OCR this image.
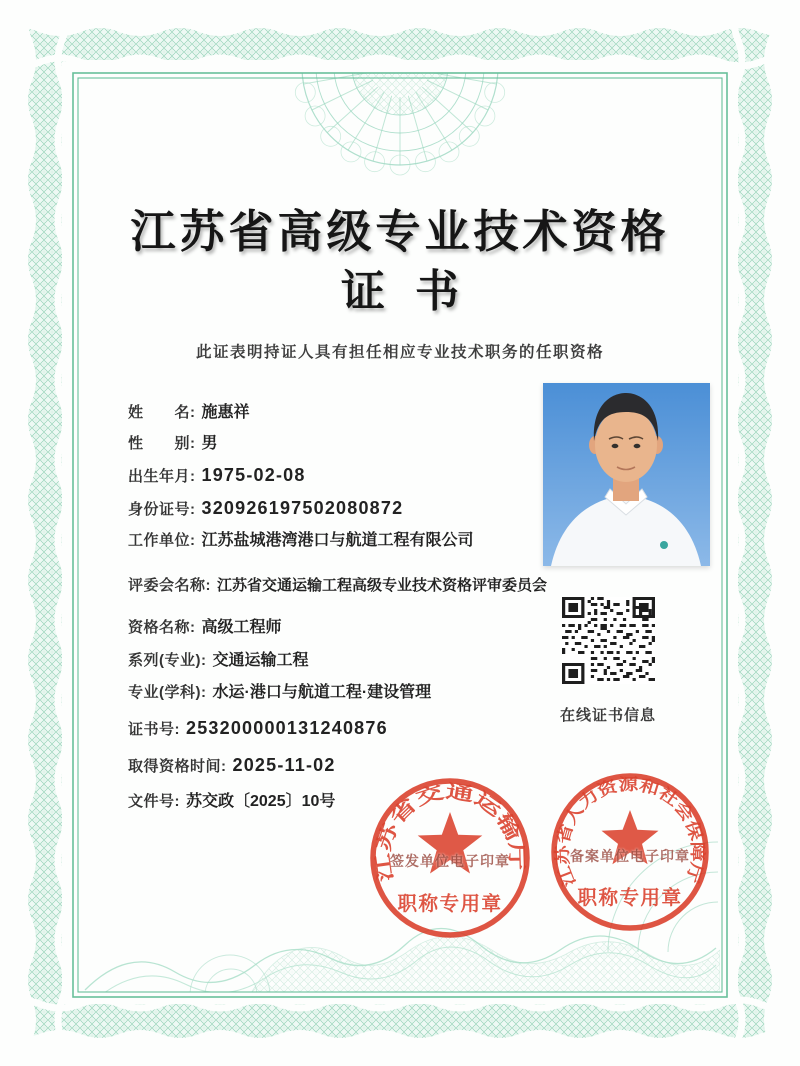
江苏省高级专业技术资格
证书

此证表明持证人具有担任相应专业技术职务的任职资格

姓　　名: 施惠祥
性　　别: 男
出生年月: 1975-02-08
身份证号: 320926197502080872
工作单位: 江苏盐城港湾港口与航道工程有限公司
评委会名称: 江苏省交通运输工程高级专业技术资格评审委员会
资格名称: 高级工程师
系列(专业): 交通运输工程
专业(学科): 水运·港口与航道工程·建设管理
证书号: 253200000131240876
取得资格时间: 2025-11-02
文件号: 苏交政〔2025〕10号
在线证书信息
江苏省交通运输厅
职称专用章
签发单位电子印章
江苏省人力资源和社会保障厅
职称专用章
备案单位电子印章
